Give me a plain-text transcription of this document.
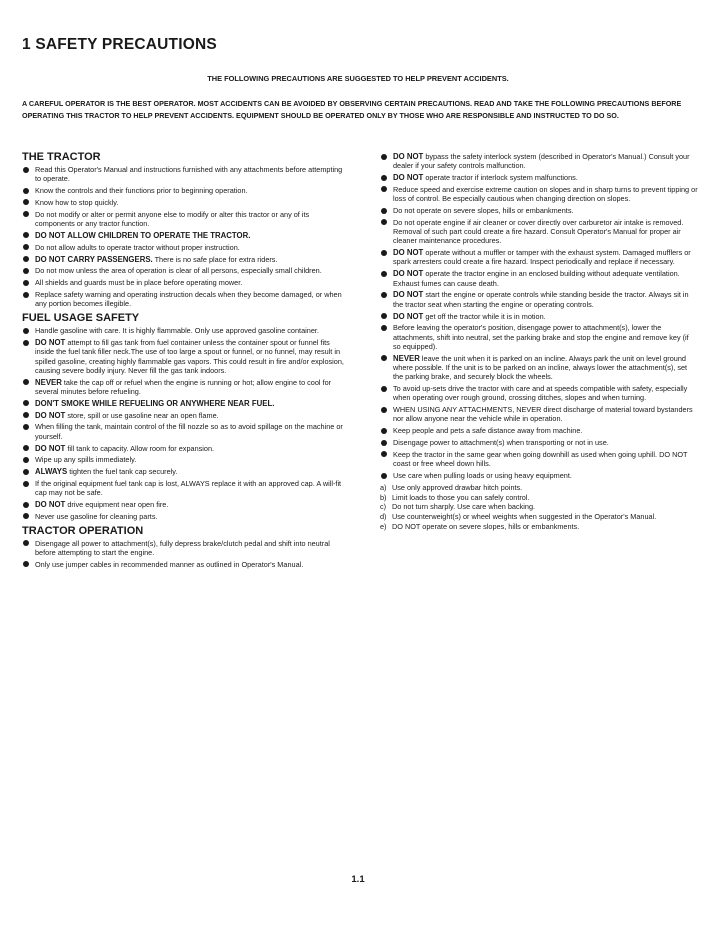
1 SAFETY PRECAUTIONS
THE FOLLOWING PRECAUTIONS ARE SUGGESTED TO HELP PREVENT ACCIDENTS.
A CAREFUL OPERATOR IS THE BEST OPERATOR. MOST ACCIDENTS CAN BE AVOIDED BY OBSERVING CERTAIN PRECAUTIONS. READ AND TAKE THE FOLLOWING PRECAUTIONS BEFORE OPERATING THIS TRACTOR TO HELP PREVENT ACCIDENTS. EQUIPMENT SHOULD BE OPERATED ONLY BY THOSE WHO ARE RESPONSIBLE AND INSTRUCTED TO DO SO.
THE TRACTOR
Read this Operator's Manual and instructions furnished with any attachments before attempting to operate.
Know the controls and their functions prior to beginning operation.
Know how to stop quickly.
Do not modify or alter or permit anyone else to modify or alter this tractor or any of its components or any tractor function.
DO NOT ALLOW CHILDREN TO OPERATE THE TRACTOR.
Do not allow adults to operate tractor without proper instruction.
DO NOT CARRY PASSENGERS. There is no safe place for extra riders.
Do not mow unless the area of operation is clear of all persons, especially small children.
All shields and guards must be in place before operating mower.
Replace safety warning and operating instruction decals when they become damaged, or when any portion becomes illegible.
FUEL USAGE SAFETY
Handle gasoline with care. It is highly flammable. Only use approved gasoline container.
DO NOT attempt to fill gas tank from fuel container unless the container spout or funnel fits inside the fuel tank filler neck.The use of too large a spout or funnel, or no funnel, may result in spilled gasoline, creating highly flammable gas vapors. This could result in fire and/or explosion, causing severe bodily injury. Never fill the gas tank indoors.
NEVER take the cap off or refuel when the engine is running or hot; allow engine to cool for several minutes before refueling.
DON'T SMOKE WHILE REFUELING OR ANYWHERE NEAR FUEL.
DO NOT store, spill or use gasoline near an open flame.
When filling the tank, maintain control of the fill nozzle so as to avoid spillage on the machine or yourself.
DO NOT fill tank to capacity. Allow room for expansion.
Wipe up any spills immediately.
ALWAYS tighten the fuel tank cap securely.
If the original equipment fuel tank cap is lost, ALWAYS replace it with an approved cap. A will-fit cap may not be safe.
DO NOT drive equipment near open fire.
Never use gasoline for cleaning parts.
TRACTOR OPERATION
Disengage all power to attachment(s), fully depress brake/clutch pedal and shift into neutral before attempting to start the engine.
Only use jumper cables in recommended manner as outlined in Operator's Manual.
DO NOT bypass the safety interlock system (described in Operator's Manual.) Consult your dealer if your safety controls malfunction.
DO NOT operate tractor if interlock system malfunctions.
Reduce speed and exercise extreme caution on slopes and in sharp turns to prevent tipping or loss of control. Be especially cautious when changing direction on slopes.
Do not operate on severe slopes, hills or embankments.
Do not operate engine if air cleaner or cover directly over carburetor air intake is removed. Removal of such part could create a fire hazard. Consult Operator's Manual for proper air cleaner maintenance procedures.
DO NOT operate without a muffler or tamper with the exhaust system. Damaged mufflers or spark arresters could create a fire hazard. Inspect periodically and replace if necessary.
DO NOT operate the tractor engine in an enclosed building without adequate ventilation. Exhaust fumes can cause death.
DO NOT start the engine or operate controls while standing beside the tractor. Always sit in the tractor seat when starting the engine or operating controls.
DO NOT get off the tractor while it is in motion.
Before leaving the operator's position, disengage power to attachment(s), lower the attachments, shift into neutral, set the parking brake and stop the engine and remove key (if so equipped).
NEVER leave the unit when it is parked on an incline. Always park the unit on level ground where possible. If the unit is to be parked on an incline, always lower the attachment(s), set the parking brake, and securely block the wheels.
To avoid up-sets drive the tractor with care and at speeds compatible with safety, especially when operating over rough ground, crossing ditches, slopes and when turning.
WHEN USING ANY ATTACHMENTS, NEVER direct discharge of material toward bystanders nor allow anyone near the vehicle while in operation.
Keep people and pets a safe distance away from machine.
Disengage power to attachment(s) when transporting or not in use.
Keep the tractor in the same gear when going downhill as used when going uphill. DO NOT coast or free wheel down hills.
Use care when pulling loads or using heavy equipment.
a) Use only approved drawbar hitch points.
b) Limit loads to those you can safely control.
c) Do not turn sharply. Use care when backing.
d) Use counterweight(s) or wheel weights when suggested in the Operator's Manual.
e) DO NOT operate on severe slopes, hills or embankments.
1.1
